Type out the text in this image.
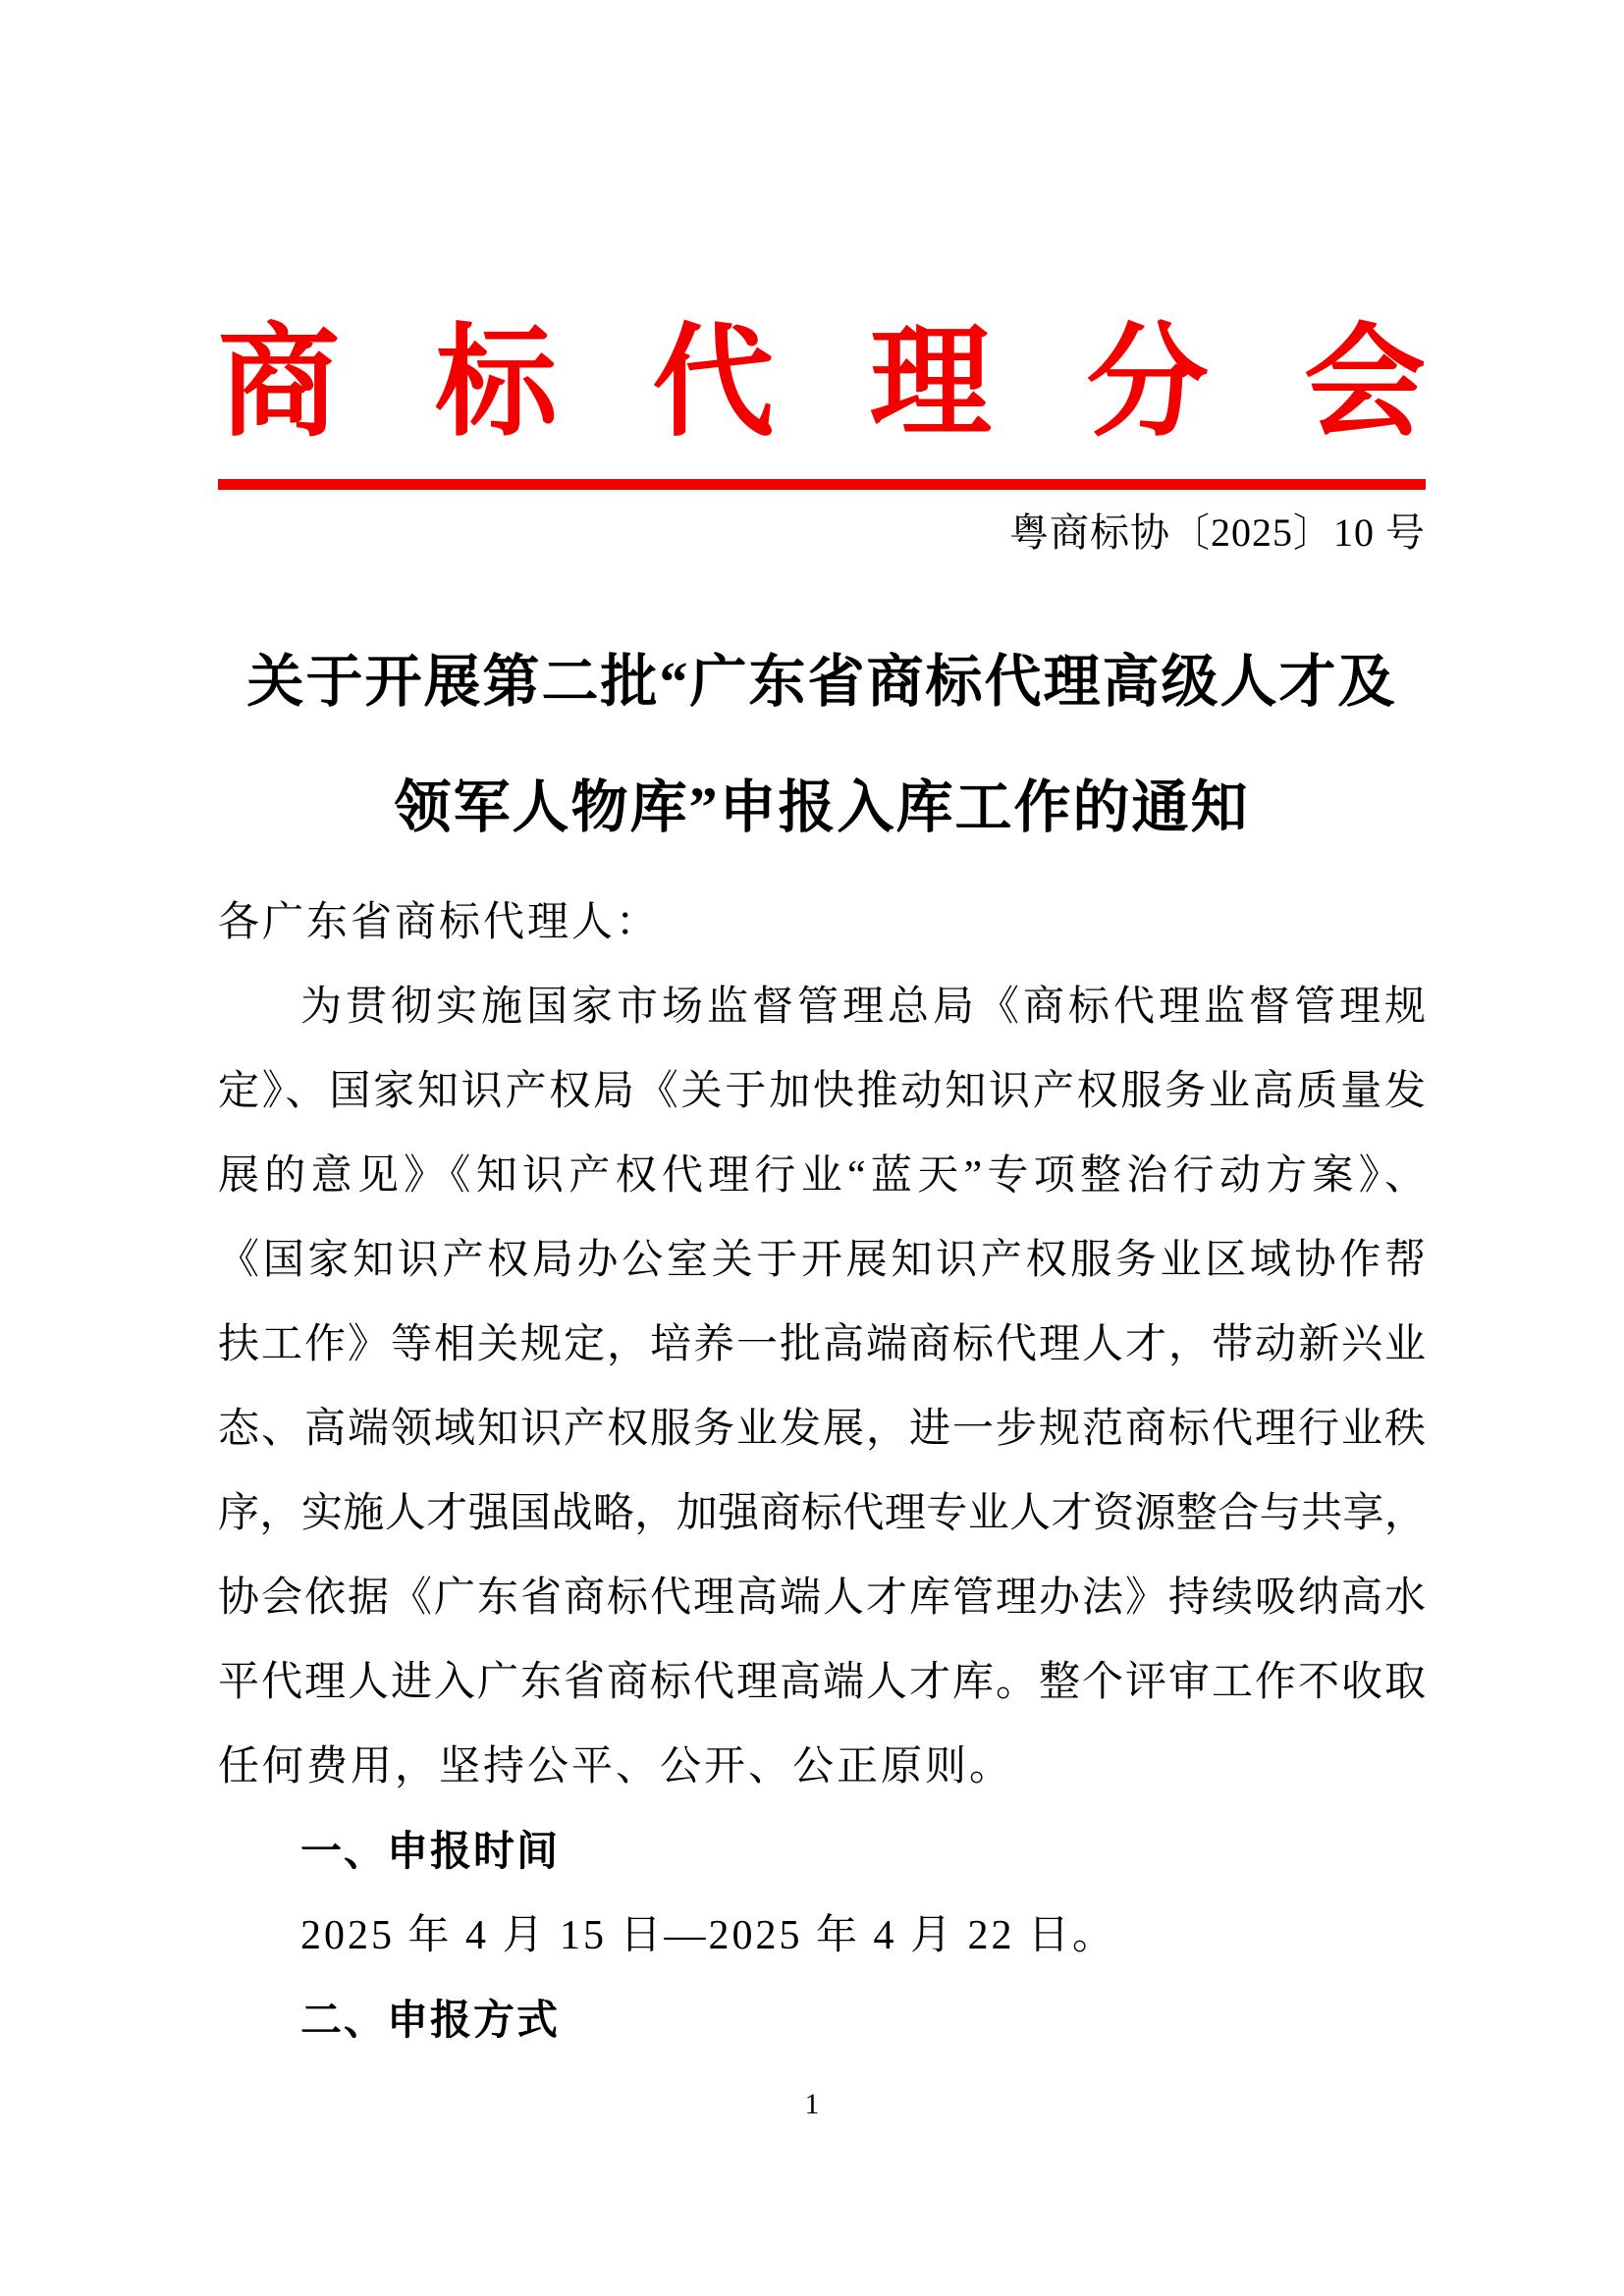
商 标 代 理 分 会
粤商标协〔2025〕10 号
关于开展第二批“广东省商标代理高级人才及
领军人物库”申报入库工作的通知
各广东省商标代理人：
为贯彻实施国家市场监督管理总局《商标代理监督管理规
定》、国家知识产权局《关于加快推动知识产权服务业高质量发
展的意见》《知识产权代理行业“蓝天”专项整治行动方案》、
《国家知识产权局办公室关于开展知识产权服务业区域协作帮
扶工作》等相关规定，培养一批高端商标代理人才，带动新兴业
态、高端领域知识产权服务业发展，进一步规范商标代理行业秩
序，实施人才强国战略，加强商标代理专业人才资源整合与共享，
协会依据《广东省商标代理高端人才库管理办法》持续吸纳高水
平代理人进入广东省商标代理高端人才库。整个评审工作不收取
任何费用，坚持公平、公开、公正原则。
一、申报时间
2025 年 4 月 15 日—2025 年 4 月 22 日。
二、申报方式
1
